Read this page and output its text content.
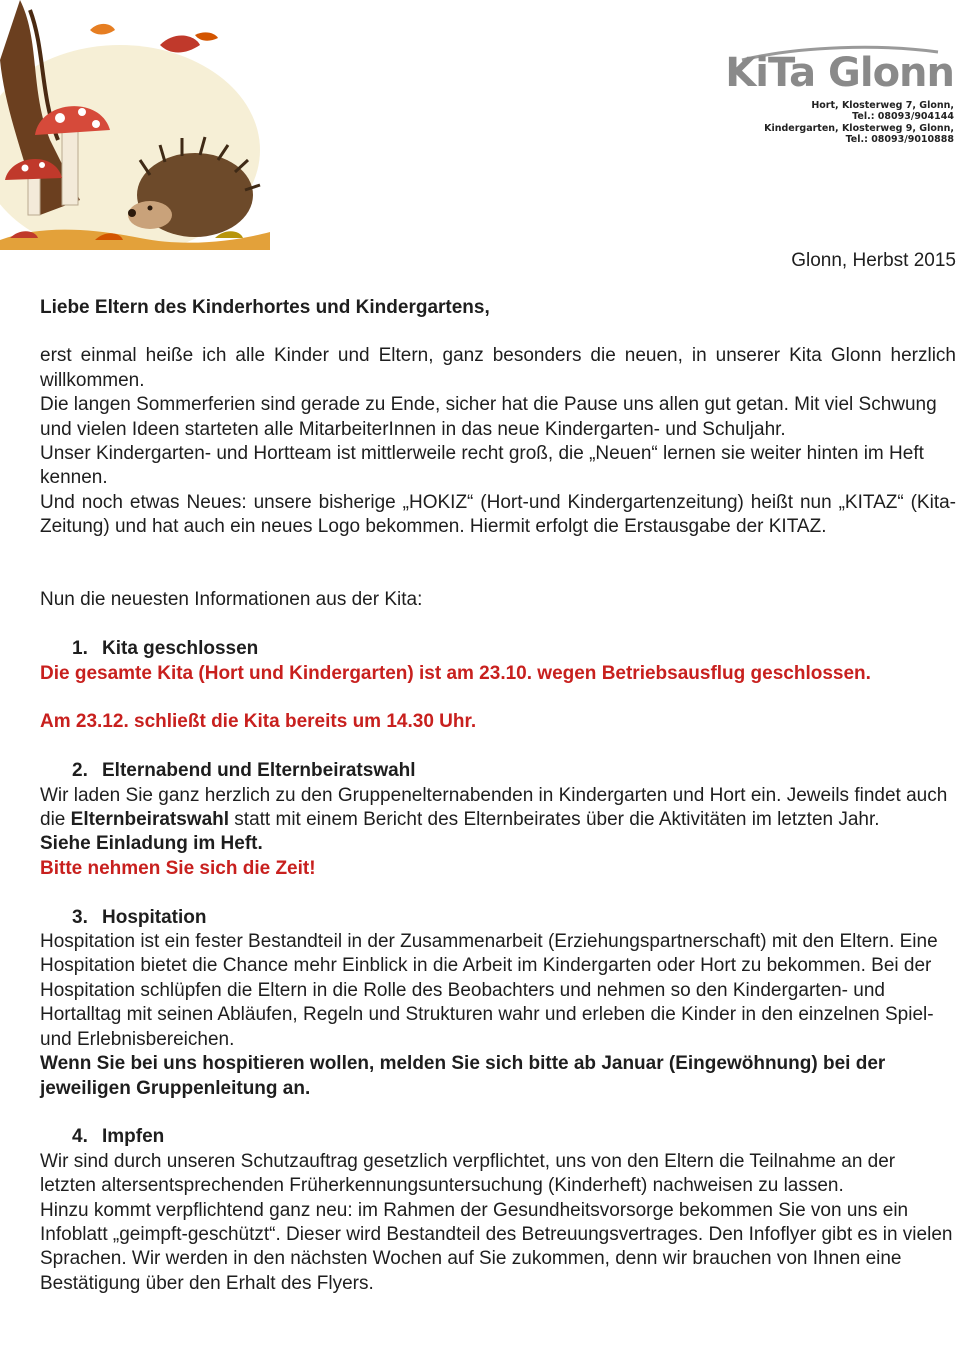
KiTa Glonn
Hort, Klosterweg 7, Glonn,
Tel.: 08093/904144
Kindergarten, Klosterweg 9, Glonn,
Tel.: 08093/9010888
Glonn, Herbst 2015

Liebe Eltern des Kinderhortes und Kindergartens,

erst einmal heiße ich alle Kinder und Eltern, ganz besonders die neuen, in unserer Kita Glonn herzlich willkommen.

Die langen Sommerferien sind gerade zu Ende, sicher hat die Pause uns allen gut getan. Mit viel Schwung und vielen Ideen starteten alle MitarbeiterInnen in das neue Kindergarten- und Schuljahr.

Unser Kindergarten- und Hortteam ist mittlerweile recht groß, die „Neuen“ lernen sie weiter hinten im Heft kennen.

Und noch etwas Neues: unsere bisherige „HOKIZ“ (Hort-und Kindergartenzeitung) heißt nun „KITAZ“ (Kita-Zeitung) und hat auch ein neues Logo bekommen. Hiermit erfolgt die Erstausgabe der KITAZ.

Nun die neuesten Informationen aus der Kita:

1. Kita geschlossen

Die gesamte Kita (Hort und Kindergarten) ist am 23.10. wegen Betriebsausflug geschlossen.

Am 23.12. schließt die Kita bereits um 14.30 Uhr.

2. Elternabend und Elternbeiratswahl

Wir laden Sie ganz herzlich zu den Gruppenelternabenden in Kindergarten und Hort ein. Jeweils findet auch die Elternbeiratswahl statt mit einem Bericht des Elternbeirates über die Aktivitäten im letzten Jahr.

Siehe Einladung im Heft.

Bitte nehmen Sie sich die Zeit!

3. Hospitation

Hospitation ist ein fester Bestandteil in der Zusammenarbeit (Erziehungspartnerschaft) mit den Eltern. Eine Hospitation bietet die Chance mehr Einblick in die Arbeit im Kindergarten oder Hort zu bekommen. Bei der Hospitation schlüpfen die Eltern in die Rolle des Beobachters und nehmen so den Kindergarten- und Hortalltag mit seinen Abläufen, Regeln und Strukturen wahr und erleben die Kinder in den einzelnen Spiel- und Erlebnisbereichen.

Wenn Sie bei uns hospitieren wollen, melden Sie sich bitte ab Januar (Eingewöhnung) bei der jeweiligen Gruppenleitung an.

4. Impfen

Wir sind durch unseren Schutzauftrag gesetzlich verpflichtet, uns von den Eltern die Teilnahme an der letzten altersentsprechenden Früherkennungsuntersuchung (Kinderheft) nachweisen zu lassen.

Hinzu kommt verpflichtend ganz neu: im Rahmen der Gesundheitsvorsorge bekommen Sie von uns ein Infoblatt „geimpft-geschützt“. Dieser wird Bestandteil des Betreuungsvertrages. Den Infoflyer gibt es in vielen Sprachen. Wir werden in den nächsten Wochen auf Sie zukommen, denn wir brauchen von Ihnen eine Bestätigung über den Erhalt des Flyers.
